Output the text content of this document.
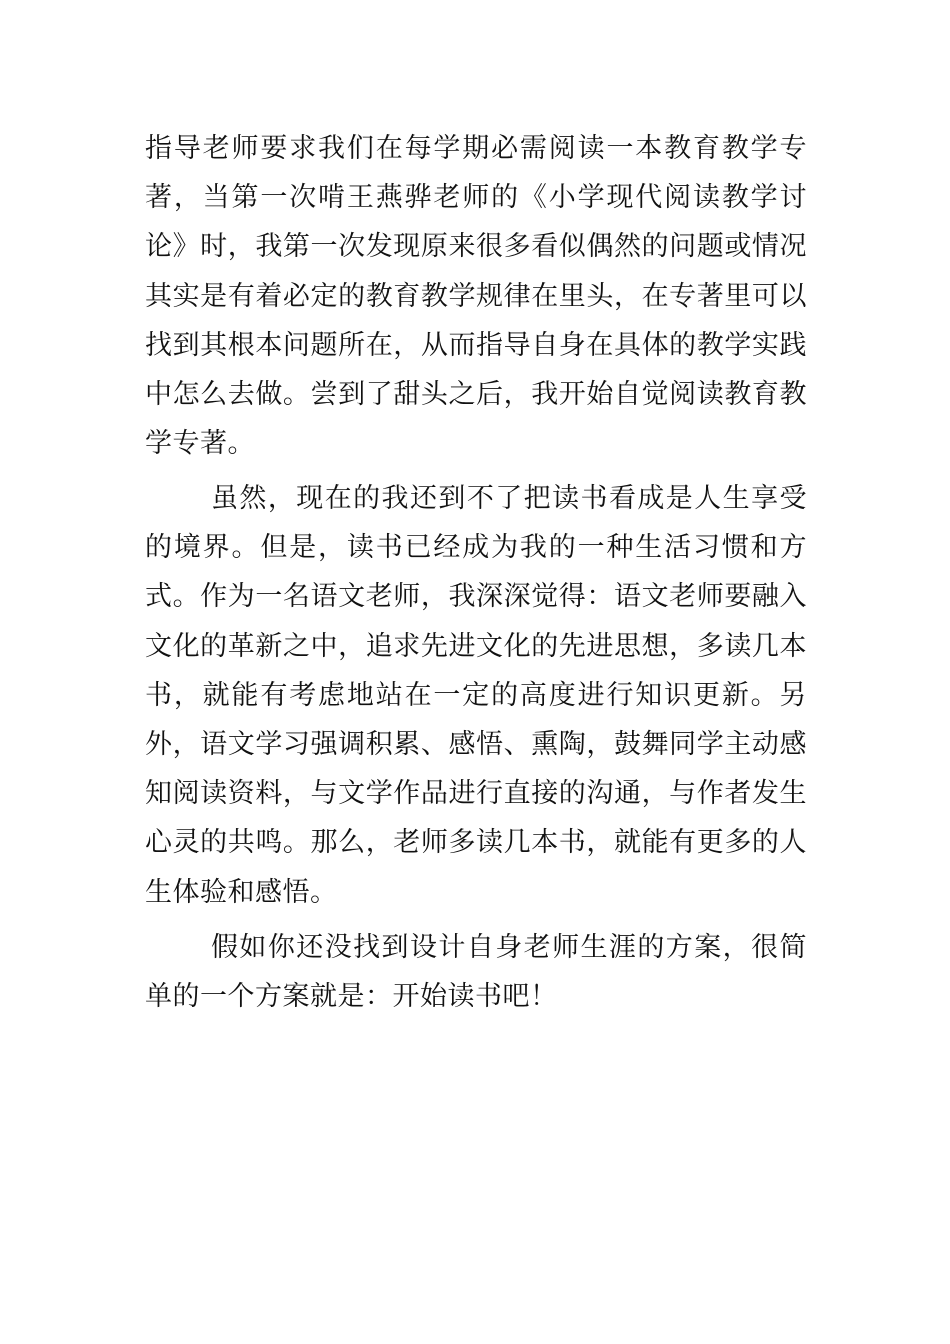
指导老师要求我们在每学期必需阅读一本教育教学专著，当第一次啃王燕骅老师的《小学现代阅读教学讨论》时，我第一次发现原来很多看似偶然的问题或情况其实是有着必定的教育教学规律在里头，在专著里可以找到其根本问题所在，从而指导自身在具体的教学实践中怎么去做。尝到了甜头之后，我开始自觉阅读教育教学专著。

虽然，现在的我还到不了把读书看成是人生享受的境界。但是，读书已经成为我的一种生活习惯和方式。作为一名语文老师，我深深觉得：语文老师要融入文化的革新之中，追求先进文化的先进思想，多读几本书，就能有考虑地站在一定的高度进行知识更新。另外，语文学习强调积累、感悟、熏陶，鼓舞同学主动感知阅读资料，与文学作品进行直接的沟通，与作者发生心灵的共鸣。那么，老师多读几本书，就能有更多的人生体验和感悟。

假如你还没找到设计自身老师生涯的方案，很简单的一个方案就是：开始读书吧！
